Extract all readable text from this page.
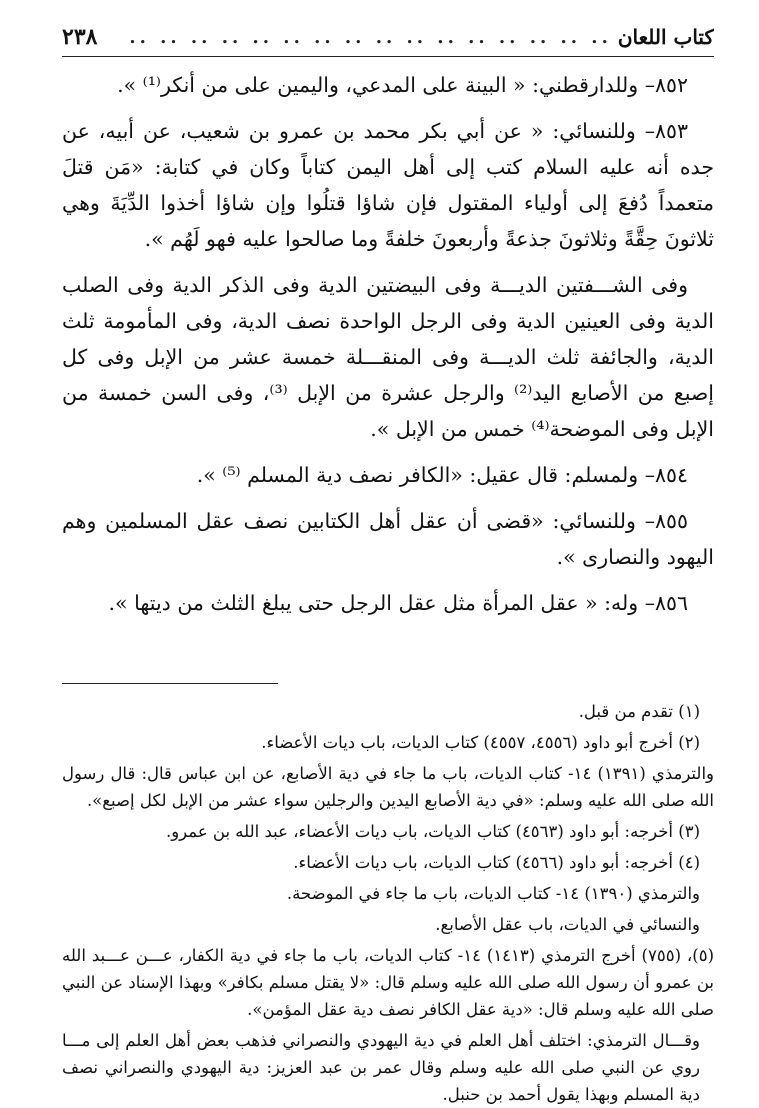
كتاب اللعان
.. .. .. .. .. .. .. .. .. .. .. .. .. .. .. ..
٢٣٨

٨٥٢– وللدارقطني: « البينة على المدعي، واليمين على من أنكر⁽¹⁾ ».

٨٥٣– وللنسائي: « عن أبي بكر محمد بن عمرو بن شعيب، عن أبيه، عن جده أنه عليه السلام كتب إلى أهل اليمن كتاباً وكان في كتابة: «مَن قتلَ متعمداً دُفعَ إلى أولياء المقتول فإن شاؤا قتلُوا وإن شاؤا أخذوا الدِّيَةَ وهي ثلاثونَ حِقَّةً وثلاثونَ جذعةً وأربعونَ خلفةً وما صالحوا عليه فهو لَهُم ».

وفى الشـــفتين الديـــة وفى البيضتين الدية وفى الذكر الدية وفى الصلب الدية وفى العينين الدية وفى الرجل الواحدة نصف الدية، وفى المأمومة ثلث الدية، والجائفة ثلث الديـــة وفى المنقـــلة خمسة عشر من الإبل وفى كل إصبع من الأصابع اليد⁽²⁾ والرجل عشرة من الإبل ⁽³⁾، وفى السن خمسة من الإبل وفى الموضحة⁽⁴⁾ خمس من الإبل ».

٨٥٤– ولمسلم: قال عقيل: «الكافر نصف دية المسلم ⁽⁵⁾ ».

٨٥٥– وللنسائي: «قضى أن عقل أهل الكتابين نصف عقل المسلمين وهم اليهود والنصارى ».

٨٥٦– وله: « عقل المرأة مثل عقل الرجل حتى يبلغ الثلث من ديتها ».

(١) تقدم من قبل.

(٢) أخرج أبو داود (٤٥٥٦، ٤٥٥٧) كتاب الديات، باب ديات الأعضاء.

والترمذي (١٣٩١) ١٤- كتاب الديات، باب ما جاء في دية الأصابع، عن ابن عباس قال: قال رسول الله صلى الله عليه وسلم: «في دية الأصابع اليدين والرجلين سواء عشر من الإبل لكل إصبع».

(٣) أخرجه: أبو داود (٤٥٦٣) كتاب الديات، باب ديات الأعضاء، عبد الله بن عمرو.

(٤) أخرجه: أبو داود (٤٥٦٦) كتاب الديات، باب ديات الأعضاء.

والترمذي (١٣٩٠) ١٤- كتاب الديات، باب ما جاء في الموضحة.

والنسائي في الديات، باب عقل الأصابع.

(٥)، (٧٥٥) أخرج الترمذي (١٤١٣) ١٤- كتاب الديات، باب ما جاء في دية الكفار، عـــن عـــبد الله بن عمرو أن رسول الله صلى الله عليه وسلم قال: «لا يقتل مسلم بكافر» وبهذا الإسناد عن النبي صلى الله عليه وسلم قال: «دية عقل الكافر نصف دية عقل المؤمن».

وقـــال الترمذي: اختلف أهل العلم في دية اليهودي والنصراني فذهب بعض أهل العلم إلى مـــا روي عن النبي صلى الله عليه وسلم وقال عمر بن عبد العزيز: دية اليهودي والنصراني نصف دية المسلم وبهذا يقول أحمد بن حنبل.
